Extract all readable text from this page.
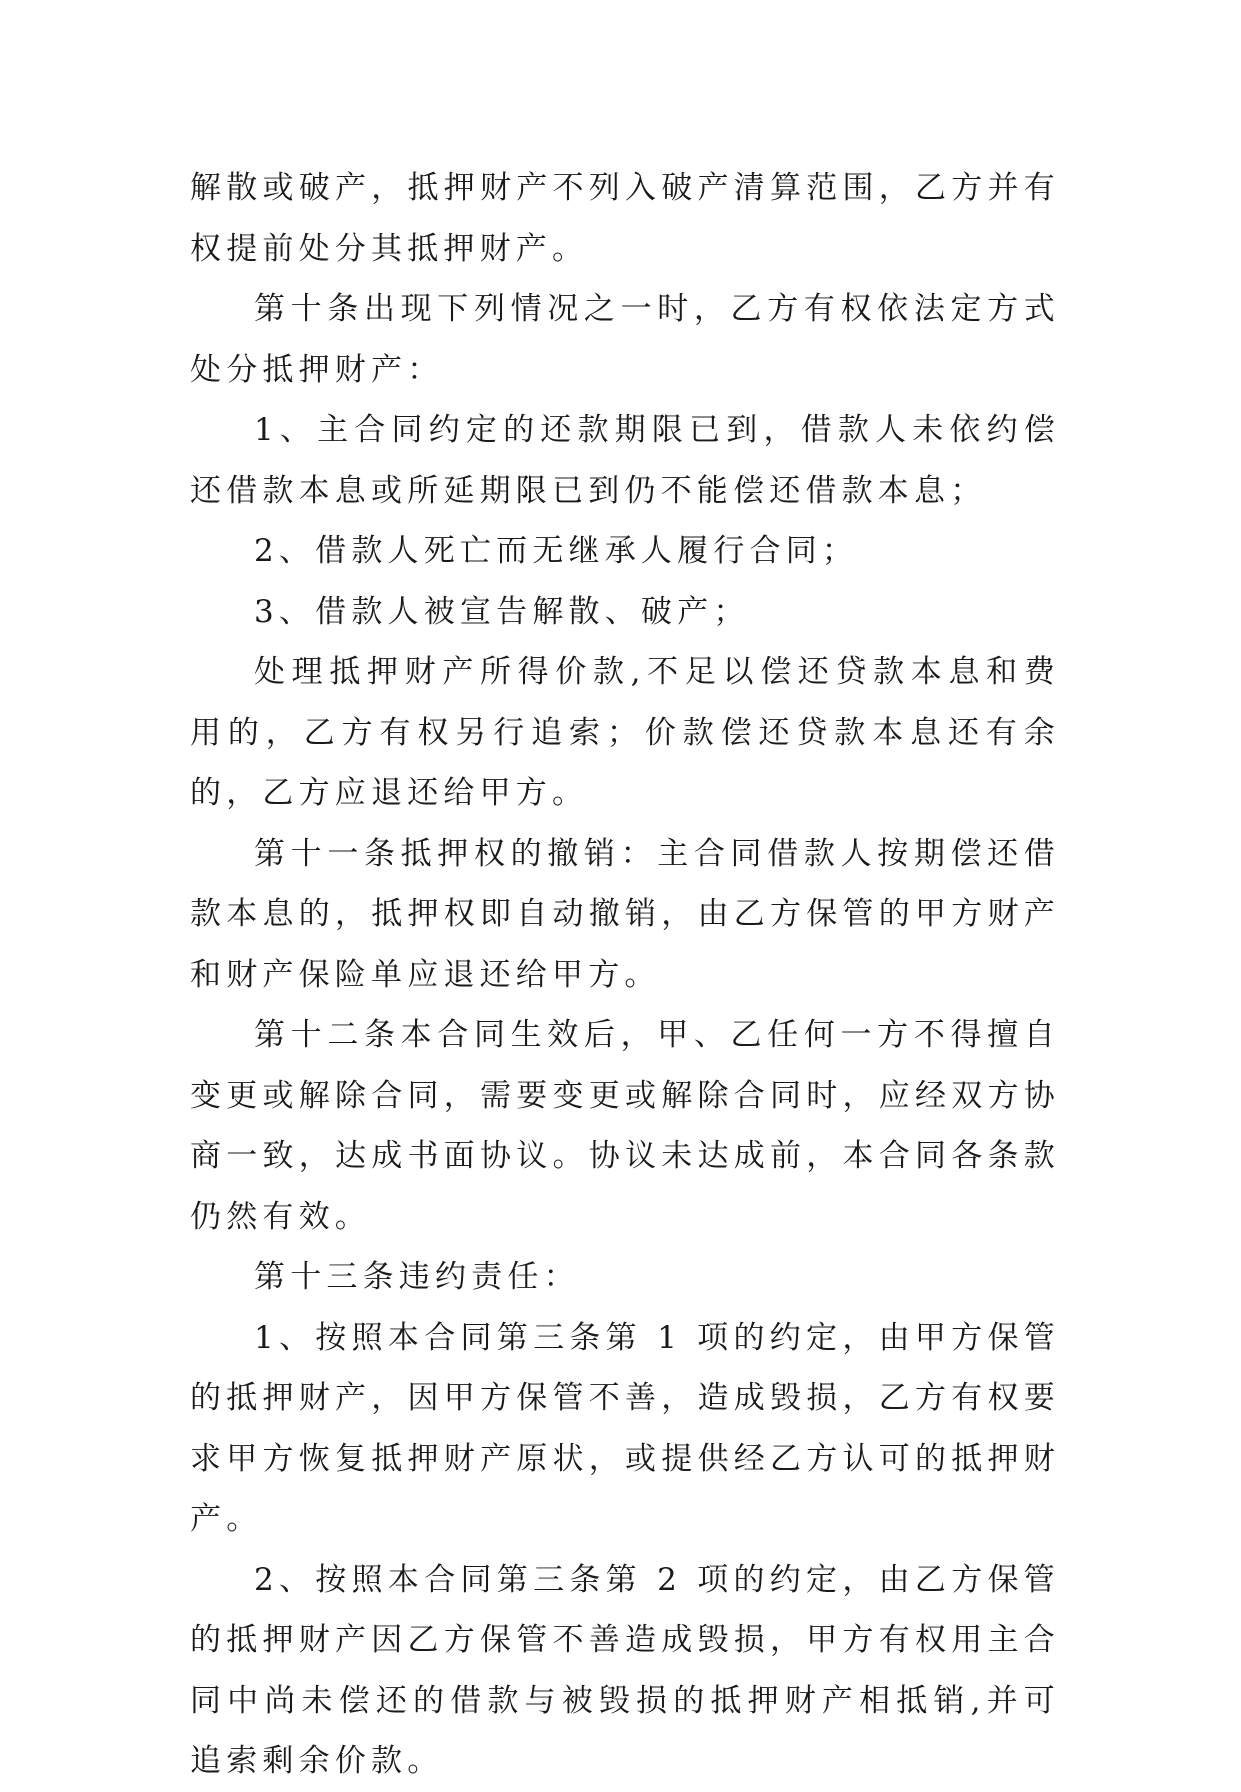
解散或破产，抵押财产不列入破产清算范围，乙方并有权提前处分其抵押财产。

第十条出现下列情况之一时，乙方有权依法定方式处分抵押财产：

1、主合同约定的还款期限已到，借款人未依约偿还借款本息或所延期限已到仍不能偿还借款本息；

2、借款人死亡而无继承人履行合同；

3、借款人被宣告解散、破产；

处理抵押财产所得价款,不足以偿还贷款本息和费用的，乙方有权另行追索；价款偿还贷款本息还有余的，乙方应退还给甲方。

第十一条抵押权的撤销：主合同借款人按期偿还借款本息的，抵押权即自动撤销，由乙方保管的甲方财产和财产保险单应退还给甲方。

第十二条本合同生效后，甲、乙任何一方不得擅自变更或解除合同，需要变更或解除合同时，应经双方协商一致，达成书面协议。协议未达成前，本合同各条款仍然有效。

第十三条违约责任：

1、按照本合同第三条第 1 项的约定，由甲方保管的抵押财产，因甲方保管不善，造成毁损，乙方有权要求甲方恢复抵押财产原状，或提供经乙方认可的抵押财产。

2、按照本合同第三条第 2 项的约定，由乙方保管的抵押财产因乙方保管不善造成毁损，甲方有权用主合同中尚未偿还的借款与被毁损的抵押财产相抵销,并可追索剩余价款。
